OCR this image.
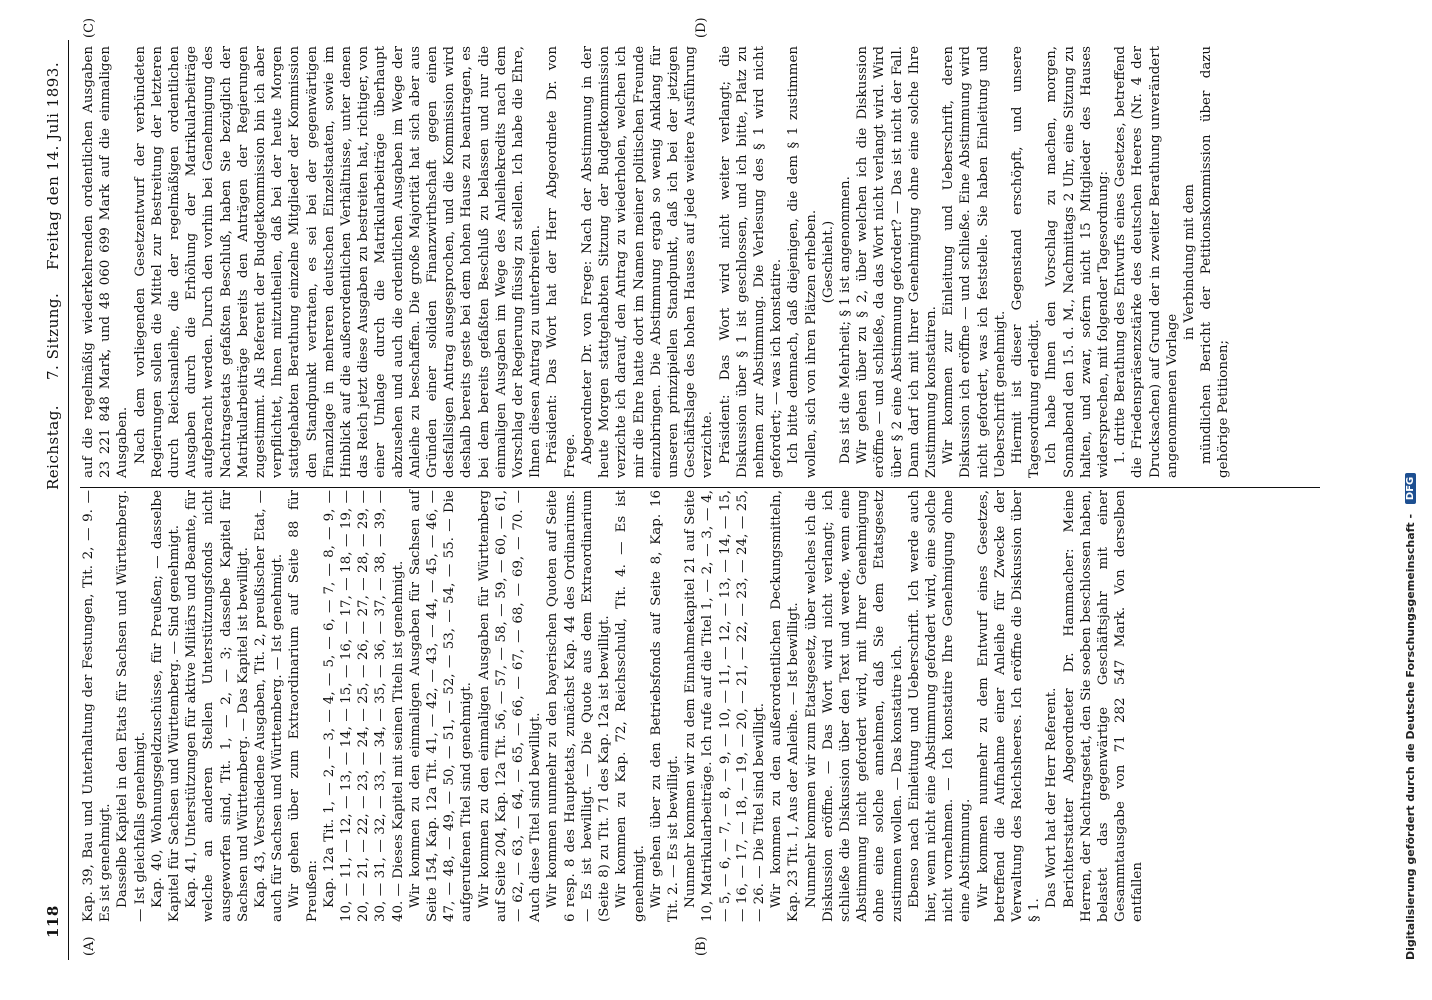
118
Reichstag.
7. Sitzung.
Freitag den 14. Juli 1893.
(A)	(B)
(C)	(D)

Kap. 39, Bau und Unterhaltung der Festungen, Tit. 2, — 9. — Es ist genehmigt. Dasselbe Kapitel in den Etats für Sachsen und Württemberg. — Ist gleichfalls genehmigt. Kap. 40, Wohnungsgeldzuschüsse, für Preußen; — dasselbe Kapitel für Sachsen und Württemberg. — Sind genehmigt. Kap. 41, Unterstützungen für aktive Militärs und Beamte, für welche an anderen Stellen Unterstützungsfonds nicht ausgeworfen sind, Tit. 1, — 2, — 3; dasselbe Kapitel für Sachsen und Württemberg. — Das Kapitel ist bewilligt. Kap. 43, Verschiedene Ausgaben, Tit. 2, preußischer Etat, — auch für Sachsen und Württemberg. — Ist genehmigt. Wir gehen über zum Extraordinarium auf Seite 88 für Preußen: Kap. 12a Tit. 1, — 2, — 3, — 4, — 5, — 6, — 7, — 8, — 9, — 10, — 11, — 12, — 13, — 14, — 15, — 16, — 17, — 18, — 19, — 20, — 21, — 22, — 23, — 24, — 25, — 26, — 27, — 28, — 29, — 30, — 31, — 32, — 33, — 34, — 35, — 36, — 37, — 38, — 39, — 40. — Dieses Kapitel mit seinen Titeln ist genehmigt. Wir kommen zu den einmaligen Ausgaben für Sachsen auf Seite 154, Kap. 12a Tit. 41, — 42, — 43, — 44, — 45, — 46, — 47, — 48, — 49, — 50, — 51, — 52, — 53, — 54, — 55. — Die aufgerufenen Titel sind genehmigt. Wir kommen zu den einmaligen Ausgaben für Württemberg auf Seite 204, Kap. 12a Tit. 56, — 57, — 58, — 59, — 60, — 61, — 62, — 63, — 64, — 65, — 66, — 67, — 68, — 69, — 70. — Auch diese Titel sind bewilligt. Wir kommen nunmehr zu den bayerischen Quoten auf Seite 6 resp. 8 des Hauptetats, zunächst Kap. 44 des Ordinariums. — Es ist bewilligt. — Die Quote aus dem Extraordinarium (Seite 8) zu Tit. 71 des Kap. 12a ist bewilligt. Wir kommen zu Kap. 72, Reichsschuld, Tit. 4. — Es ist genehmigt. Wir gehen über zu den Betriebsfonds auf Seite 8, Kap. 16 Tit. 2. — Es ist bewilligt. Nunmehr kommen wir zu dem Einnahmekapitel 21 auf Seite 10, Matrikularbeiträge. Ich rufe auf die Titel 1, — 2, — 3, — 4, — 5, — 6, — 7, — 8, — 9, — 10, — 11, — 12, — 13, — 14, — 15, — 16, — 17, — 18, — 19, — 20, — 21, — 22, — 23, — 24, — 25, — 26. — Die Titel sind bewilligt. Wir kommen zu den außerordentlichen Deckungsmitteln, Kap. 23 Tit. 1, Aus der Anleihe. — Ist bewilligt. Nunmehr kommen wir zum Etatsgesetz, über welches ich die Diskussion eröffne. — Das Wort wird nicht verlangt; ich schließe die Diskussion über den Text und werde, wenn eine Abstimmung nicht gefordert wird, mit Ihrer Genehmigung ohne eine solche annehmen, daß Sie dem Etatsgesetz zustimmen wollen. — Das konstatire ich. Ebenso nach Einleitung und Ueberschrift. Ich werde auch hier, wenn nicht eine Abstimmung gefordert wird, eine solche nicht vornehmen. — Ich konstatire Ihre Genehmigung ohne eine Abstimmung. Wir kommen nunmehr zu dem Entwurf eines Gesetzes, betreffend die Aufnahme einer Anleihe für Zwecke der Verwaltung des Reichsheeres. Ich eröffne die Diskussion über § 1.

Das Wort hat der Herr Referent. Berichterstatter Abgeordneter Dr. Hammacher: Meine Herren, der Nachtragsetat, den Sie soeben beschlossen haben, belastet das gegenwärtige Geschäftsjahr mit einer Gesammtausgabe von 71 282 547 Mark. Von derselben entfallen

auf die regelmäßig wiederkehrenden ordentlichen Ausgaben 23 221 848 Mark, und 48 060 699 Mark auf die einmaligen Ausgaben. Nach dem vorliegenden Gesetzentwurf der verbündeten Regierungen sollen die Mittel zur Bestreitung der letzteren durch Reichsanleihe, die der regelmäßigen ordentlichen Ausgaben durch die Erhöhung der Matrikularbeiträge aufgebracht werden. Durch den vorhin bei Genehmigung des Nachtragsetats gefaßten Beschluß, haben Sie bezüglich der Matrikularbeiträge bereits den Anträgen der Regierungen zugestimmt. Als Referent der Budgetkommission bin ich aber verpflichtet, Ihnen mitzutheilen, daß bei der heute Morgen stattgehabten Berathung einzelne Mitglieder der Kommission den Standpunkt vertraten, es sei bei der gegenwärtigen Finanzlage in mehreren deutschen Einzelstaaten, sowie im Hinblick auf die außerordentlichen Verhältnisse, unter denen das Reich jetzt diese Ausgaben zu bestreiten hat, richtiger, von einer Umlage durch die Matrikularbeiträge überhaupt abzusehen und auch die ordentlichen Ausgaben im Wege der Anleihe zu beschaffen. Die große Majorität hat sich aber aus Gründen einer soliden Finanzwirthschaft gegen einen desfallsigen Antrag ausgesprochen, und die Kommission wird deshalb bereits geste bei dem hohen Hause zu beantragen, es bei dem bereits gefaßten Beschluß zu belassen und nur die einmaligen Ausgaben im Wege des Anleihekredits nach dem Vorschlag der Regierung flüssig zu stellen. Ich habe die Ehre, Ihnen diesen Antrag zu unterbreiten. Präsident: Das Wort hat der Herr Abgeordnete Dr. von Frege. Abgeordneter Dr. von Frege: Nach der Abstimmung in der heute Morgen stattgehabten Sitzung der Budgetkommission verzichte ich darauf, den Antrag zu wiederholen, welchen ich mir die Ehre hatte dort im Namen meiner politischen Freunde einzubringen. Die Abstimmung ergab so wenig Anklang für unseren prinzipiellen Standpunkt, daß ich bei der jetzigen Geschäftslage des hohen Hauses auf jede weitere Ausführung verzichte. Präsident: Das Wort wird nicht weiter verlangt; die Diskussion über § 1 ist geschlossen, und ich bitte, Platz zu nehmen zur Abstimmung. Die Verlesung des § 1 wird nicht gefordert; — was ich konstatire. Ich bitte demnach, daß diejenigen, die dem § 1 zustimmen wollen, sich von ihren Plätzen erheben. (Geschieht.) Das ist die Mehrheit; § 1 ist angenommen. Wir gehen über zu § 2, über welchen ich die Diskussion eröffne — und schließe, da das Wort nicht verlangt wird. Wird über § 2 eine Abstimmung gefordert? — Das ist nicht der Fall. Dann darf ich mit Ihrer Genehmigung ohne eine solche Ihre Zustimmung konstatiren. Wir kommen zur Einleitung und Ueberschrift, deren Diskussion ich eröffne — und schließe. Eine Abstimmung wird nicht gefordert, was ich feststelle. Sie haben Einleitung und Ueberschrift genehmigt. Hiermit ist dieser Gegenstand erschöpft, und unsere Tagesordnung erledigt. Ich habe Ihnen den Vorschlag zu machen, morgen, Sonnabend den 15. d. M., Nachmittags 2 Uhr, eine Sitzung zu halten, und zwar, sofern nicht 15 Mitglieder des Hauses widersprechen, mit folgender Tagesordnung: 1. dritte Berathung des Entwurfs eines Gesetzes, betreffend die Friedenspräsenzstärke des deutschen Heeres (Nr. 4 der Drucksachen) auf Grund der in zweiter Berathung unverändert angenommenen Vorlage

in Verbindung mit dem mündlichen Bericht der Petitionskommission über dazu gehörige Petitionen;

Digitalisierung gefördert durch die Deutsche Forschungsgemeinschaft - DFG
